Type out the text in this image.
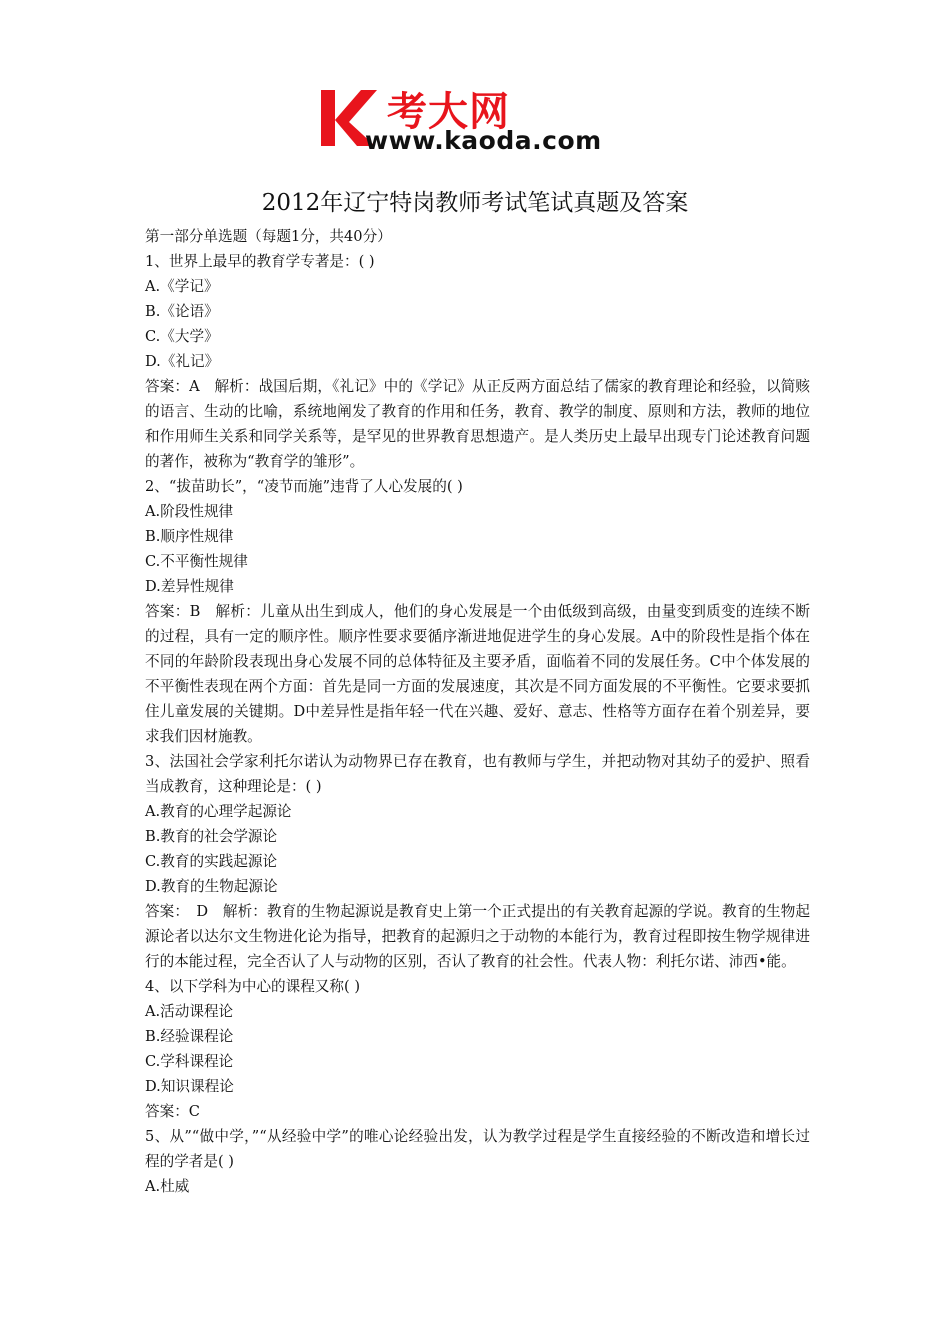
考大网
www.kaoda.com
2012年辽宁特岗教师考试笔试真题及答案

第一部分单选题（每题1分，共40分）

1、世界上最早的教育学专著是：( )

A.《学记》

B.《论语》

C.《大学》

D.《礼记》

答案：A　解析：战国后期，《礼记》中的《学记》从正反两方面总结了儒家的教育理论和经验，以简赅的语言、生动的比喻，系统地阐发了教育的作用和任务，教育、教学的制度、原则和方法，教师的地位和作用师生关系和同学关系等，是罕见的世界教育思想遗产。是人类历史上最早出现专门论述教育问题的著作，被称为“教育学的雏形”。

2、“拔苗助长”，“凌节而施”违背了人心发展的( )

A.阶段性规律

B.顺序性规律

C.不平衡性规律

D.差异性规律

答案：B　解析：儿童从出生到成人，他们的身心发展是一个由低级到高级，由量变到质变的连续不断的过程，具有一定的顺序性。顺序性要求要循序渐进地促进学生的身心发展。A中的阶段性是指个体在不同的年龄阶段表现出身心发展不同的总体特征及主要矛盾，面临着不同的发展任务。C中个体发展的不平衡性表现在两个方面：首先是同一方面的发展速度，其次是不同方面发展的不平衡性。它要求要抓住儿童发展的关键期。D中差异性是指年轻一代在兴趣、爱好、意志、性格等方面存在着个别差异，要求我们因材施教。

3、法国社会学家利托尔诺认为动物界已存在教育，也有教师与学生，并把动物对其幼子的爱护、照看当成教育，这种理论是：( )

A.教育的心理学起源论

B.教育的社会学源论

C.教育的实践起源论

D.教育的生物起源论

答案：　D　解析：教育的生物起源说是教育史上第一个正式提出的有关教育起源的学说。教育的生物起源论者以达尔文生物进化论为指导，把教育的起源归之于动物的本能行为，教育过程即按生物学规律进行的本能过程，完全否认了人与动物的区别，否认了教育的社会性。代表人物：利托尔诺、沛西•能。

4、以下学科为中心的课程又称( )

A.活动课程论

B.经验课程论

C.学科课程论

D.知识课程论

答案：C

5、从”“做中学，”“从经验中学”的唯心论经验出发，认为教学过程是学生直接经验的不断改造和增长过程的学者是( )

A.杜威
